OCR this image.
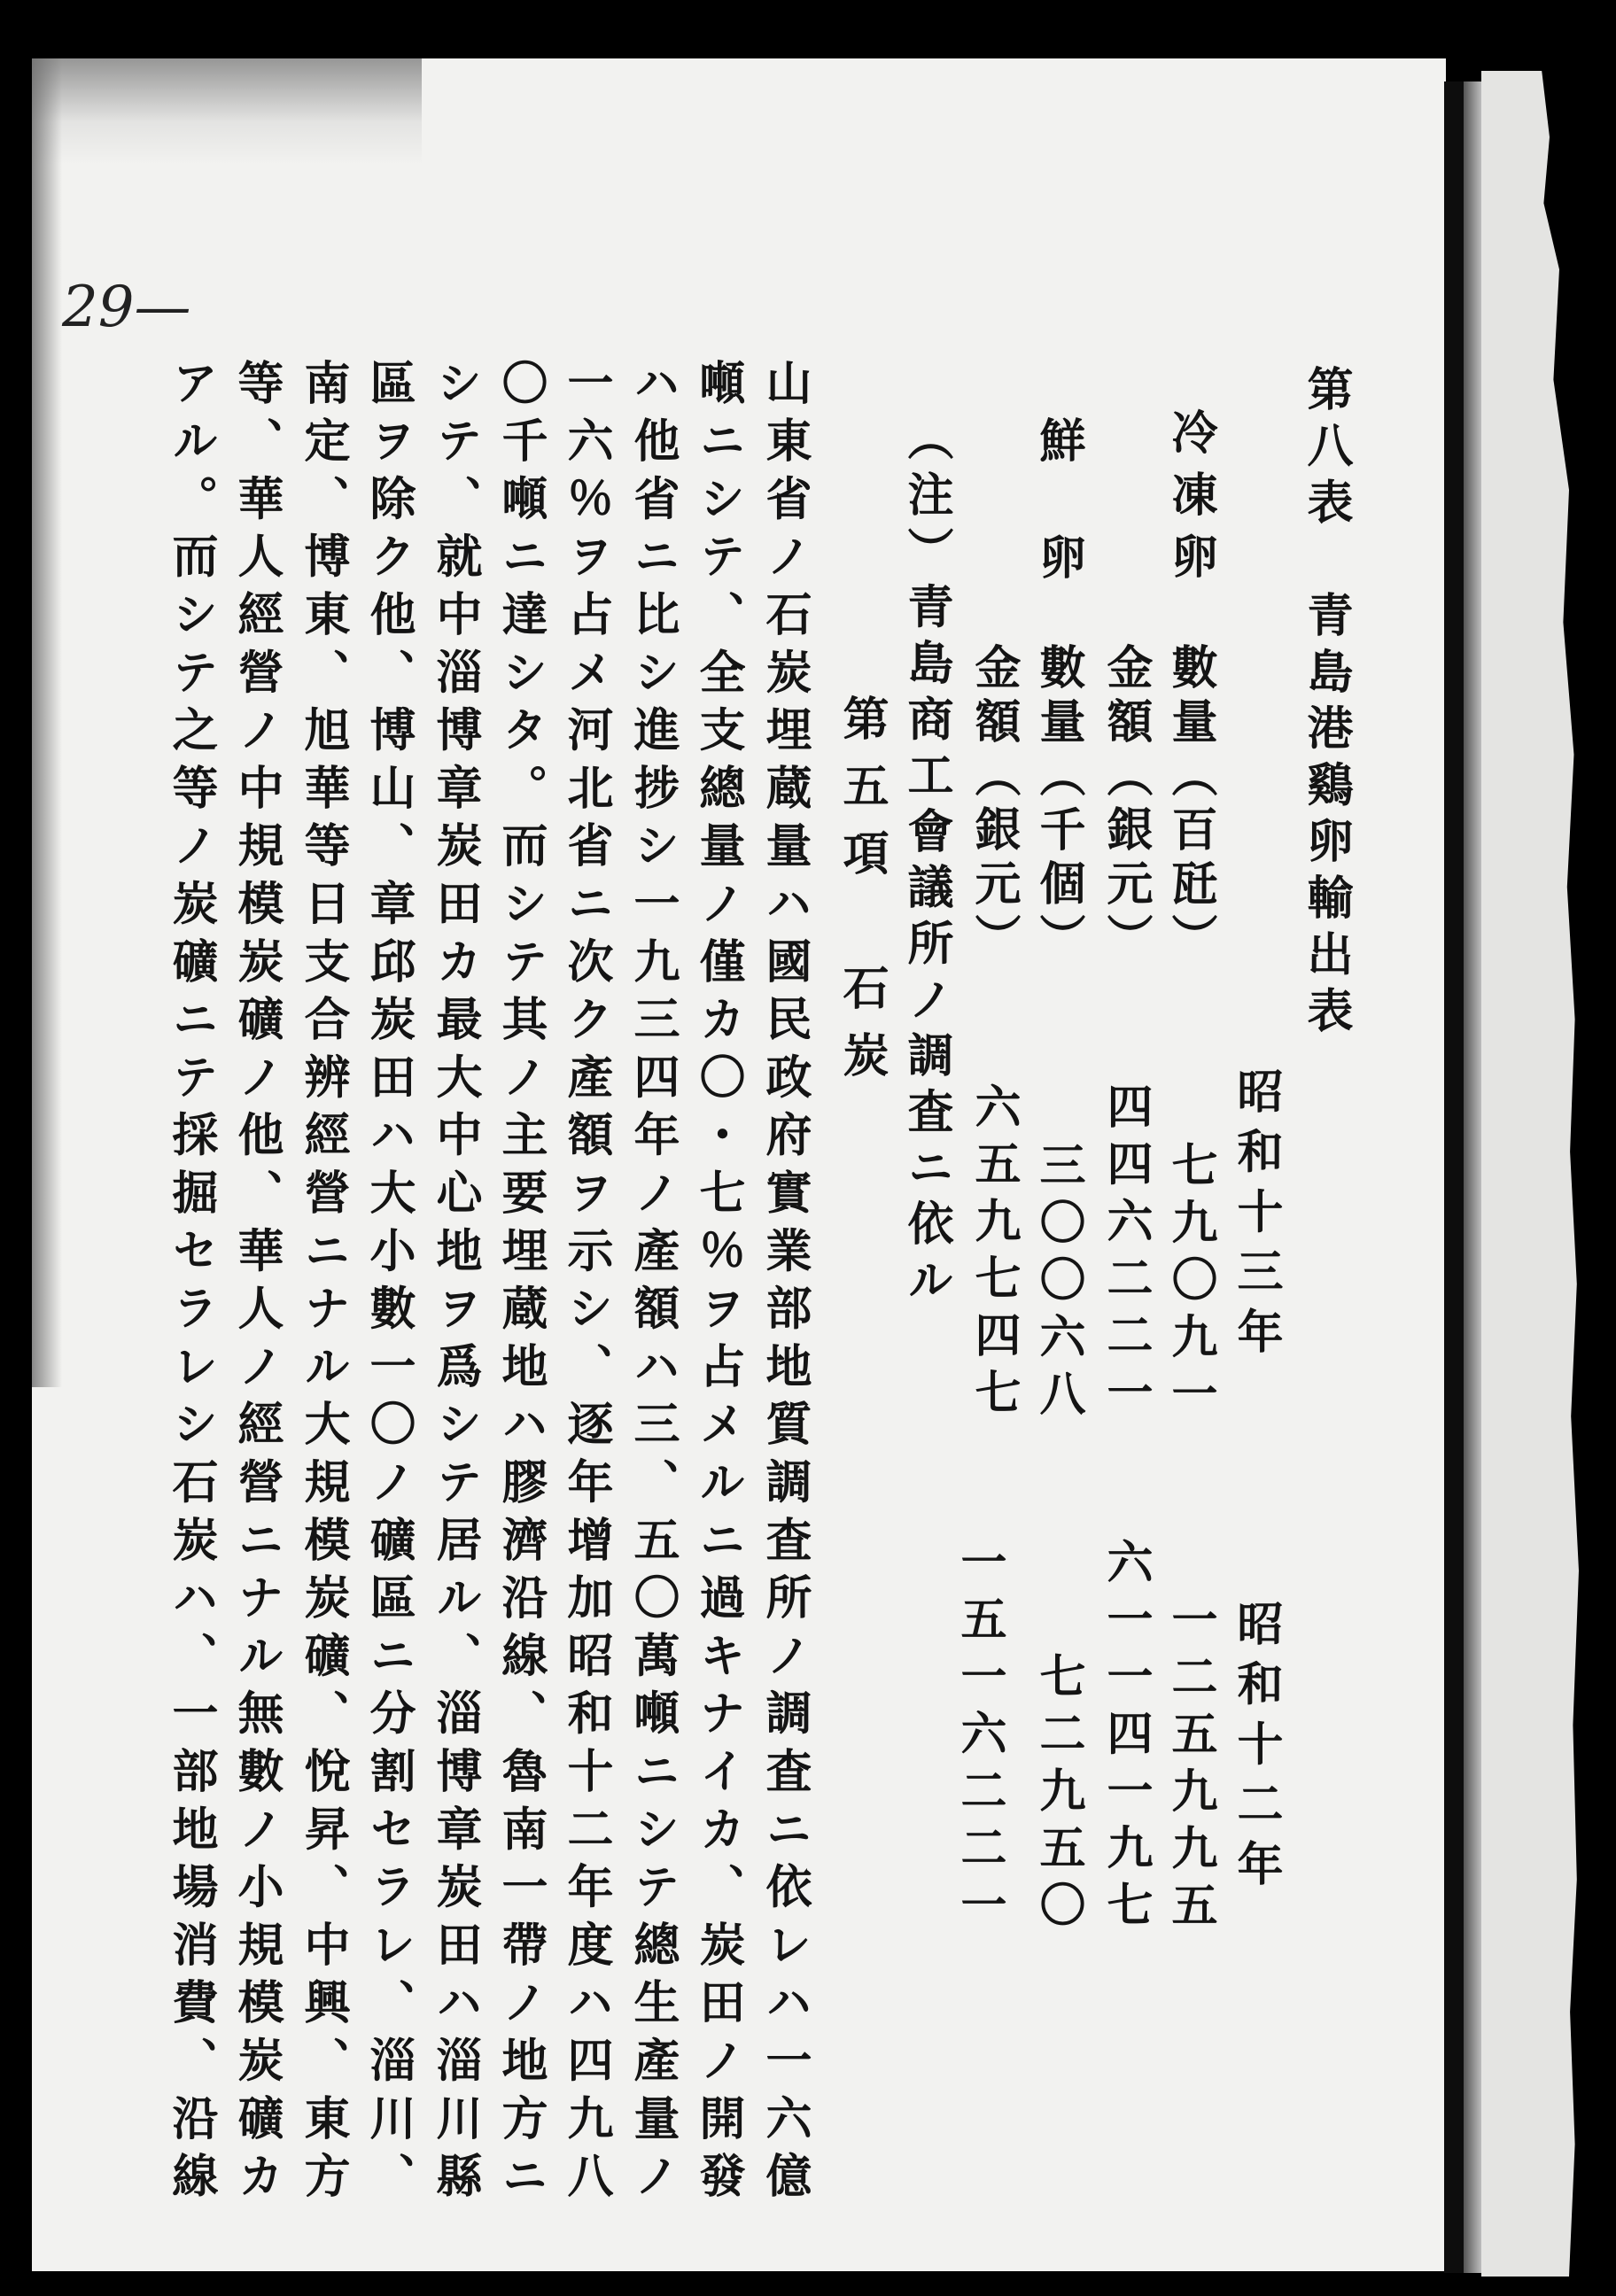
29—
第八表　青島港鷄卵輸出表
昭和十三年
昭和十二年
冷凍卵
數量（百瓩）
七九〇九一
一二五九九五
金額（銀元）
四四六二二一
六一一四一九七
鮮卵
數量（千個）
三〇〇六八
七二九五〇
金額（銀元）
六五九七四七
一五一六二二一
（注）青島商工會議所ノ調査ニ依ル
第五項　石炭
山東省ノ石炭埋蔵量ハ國民政府實業部地質調査所ノ調査ニ依レハ一六億
噸ニシテ、全支總量ノ僅カ〇・七％ヲ占メルニ過キナイカ、炭田ノ開發
ハ他省ニ比シ進捗シ一九三四年ノ產額ハ三、五〇萬噸ニシテ總生產量ノ
一六％ヲ占メ河北省ニ次ク產額ヲ示シ、逐年增加昭和十二年度ハ四九八
〇千噸ニ達シタ。而シテ其ノ主要埋蔵地ハ膠濟沿線、魯南一帶ノ地方ニ
シテ、就中淄博章炭田カ最大中心地ヲ爲シテ居ル、淄博章炭田ハ淄川縣
區ヲ除ク他、博山、章邱炭田ハ大小數一〇ノ礦區ニ分割セラレ、淄川、
南定、博東、旭華等日支合辨經營ニナル大規模炭礦、悅昇、中興、東方
等、華人經營ノ中規模炭礦ノ他、華人ノ經營ニナル無數ノ小規模炭礦カ
アル。而シテ之等ノ炭礦ニテ採掘セラレシ石炭ハ、一部地場消費、沿線
